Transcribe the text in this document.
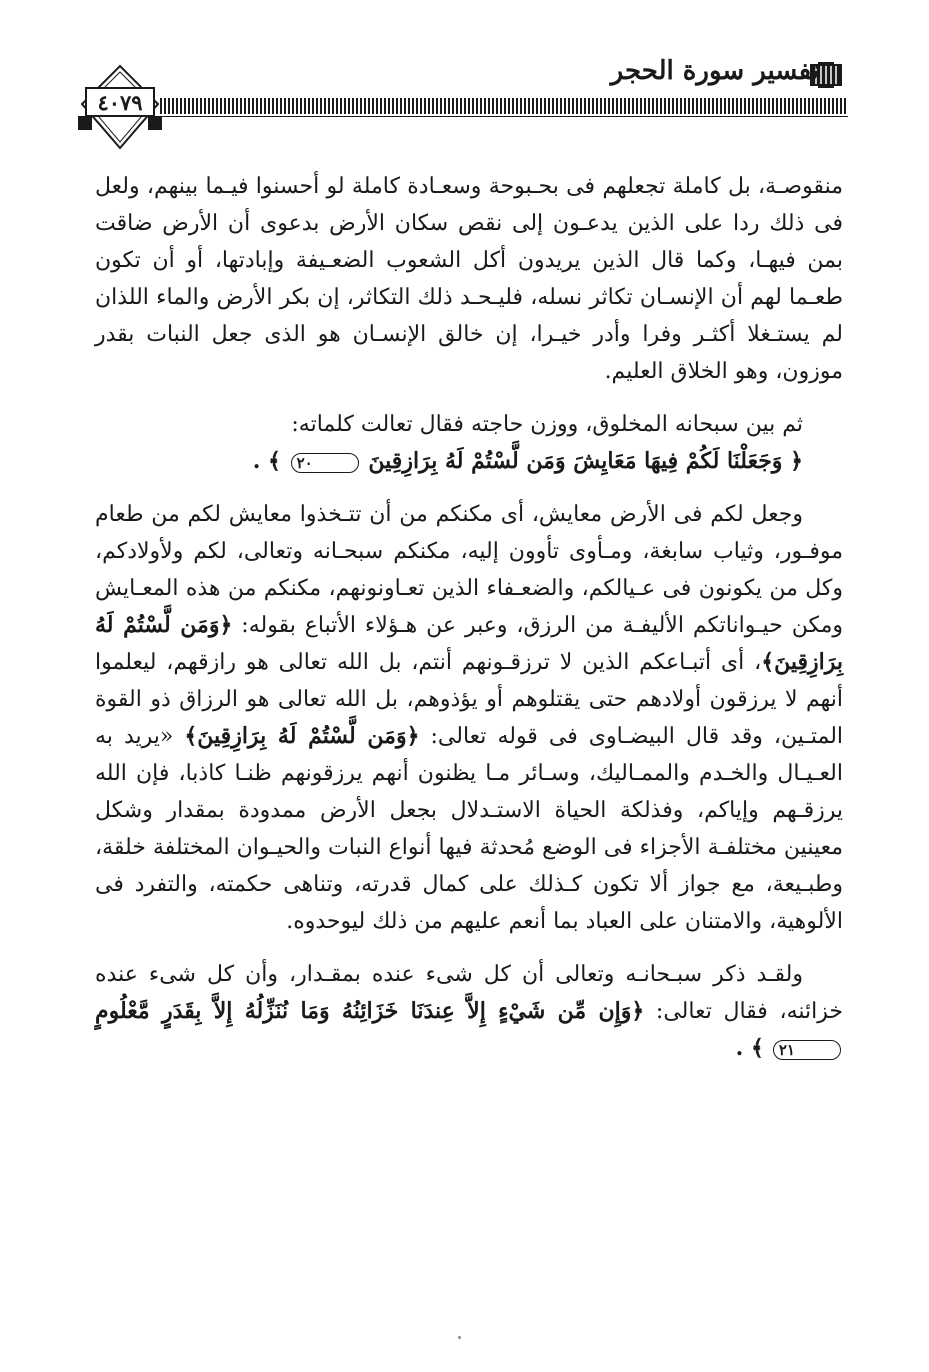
تفسير سورة الحجر
٤٠٧٩

منقوصـة، بل كاملة تجعلهم فى بحـبوحة وسعـادة كاملة لو أحسنوا فيـما بينهم، ولعل فى ذلك ردا على الذين يدعـون إلى نقص سكان الأرض بدعوى أن الأرض ضاقت بمن فيهـا، وكما قال الذين يريدون أكل الشعوب الضعـيفة وإبادتها، أو أن تكون طعـما لهم أن الإنسـان تكاثر نسله، فليـحـد ذلك التكاثر، إن بكر الأرض والماء اللذان لم يستـغلا أكثـر وفرا وأدر خيـرا، إن خالق الإنسـان هو الذى جعل النبات بقدر موزون، وهو الخلاق العليم.

ثم بين سبحانه المخلوق، ووزن حاجته فقال تعالت كلماته:

﴿ وَجَعَلْنَا لَكُمْ فِيهَا مَعَايِشَ وَمَن لَّسْتُمْ لَهُ بِرَازِقِينَ ٢٠ ﴾ .

وجعل لكم فى الأرض معايش، أى مكنكم من أن تتـخذوا معايش لكم من طعام موفـور، وثياب سابغة، ومـأوى تأوون إليه، مكنكم سبحـانه وتعالى، لكم ولأولادكم، وكل من يكونون فى عـيالكم، والضعـفاء الذين تعـاونونهم، مكنكم من هذه المعـايش ومكن حيـواناتكم الأليفـة من الرزق، وعبر عن هـؤلاء الأتباع بقوله: ﴿وَمَن لَّسْتُمْ لَهُ بِرَازِقِينَ﴾، أى أتبـاعكم الذين لا ترزقـونهم أنتم، بل الله تعالى هو رازقهم، ليعلموا أنهم لا يرزقون أولادهم حتى يقتلوهم أو يؤذوهم، بل الله تعالى هو الرزاق ذو القوة المتـين، وقد قال البيضـاوى فى قوله تعالى: ﴿وَمَن لَّسْتُمْ لَهُ بِرَازِقِينَ﴾ «يريد به العـيـال والخـدم والممـاليك، وسـائر مـا يظنون أنهم يرزقونهم ظنـا كاذبا، فإن الله يرزقـهم وإياكم، وفذلكة الحياة الاستـدلال بجعل الأرض ممدودة بمقدار وشكل معينين مختلفـة الأجزاء فى الوضع مُحدثة فيها أنواع النبات والحيـوان المختلفة خلقة، وطبـيعة، مع جواز ألا تكون كـذلك على كمال قدرته، وتناهى حكمته، والتفرد فى الألوهية، والامتنان على العباد بما أنعم عليهم من ذلك ليوحدوه.

ولقـد ذكر سبـحانـه وتعالى أن كل شىء عنده بمقـدار، وأن كل شىء عنده خزائنه، فقال تعالى: ﴿وَإِن مِّن شَيْءٍ إِلاَّ عِندَنَا خَزَائِنُهُ وَمَا نُنَزِّلُهُ إِلاَّ بِقَدَرٍ مَّعْلُومٍ ٢١ ﴾ .
